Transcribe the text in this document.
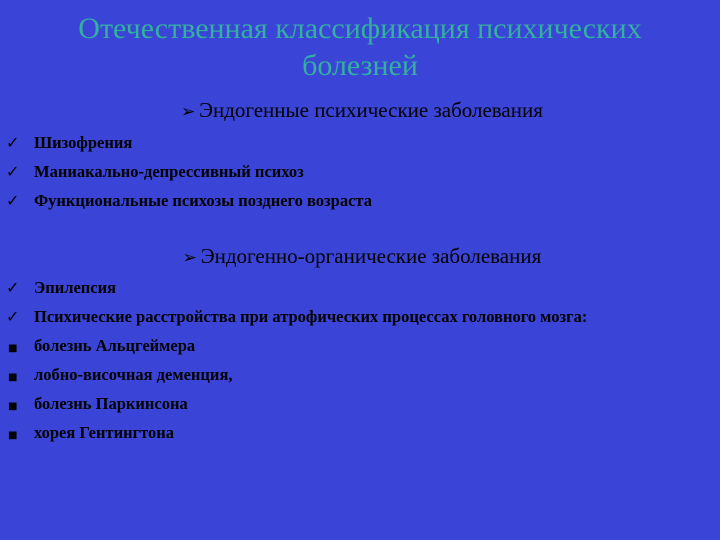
Отечественная классификация психических болезней
➢ Эндогенные психические заболевания
✓ Шизофрения
✓ Маниакально-депрессивный психоз
✓ Функциональные психозы позднего возраста
➢ Эндогенно-органические заболевания
✓ Эпилепсия
✓ Психические расстройства при атрофических процессах головного мозга:
■	болезнь Альцгеймера
■	лобно-височная деменция,
■	болезнь Паркинсона
■	хорея Гентингтона
